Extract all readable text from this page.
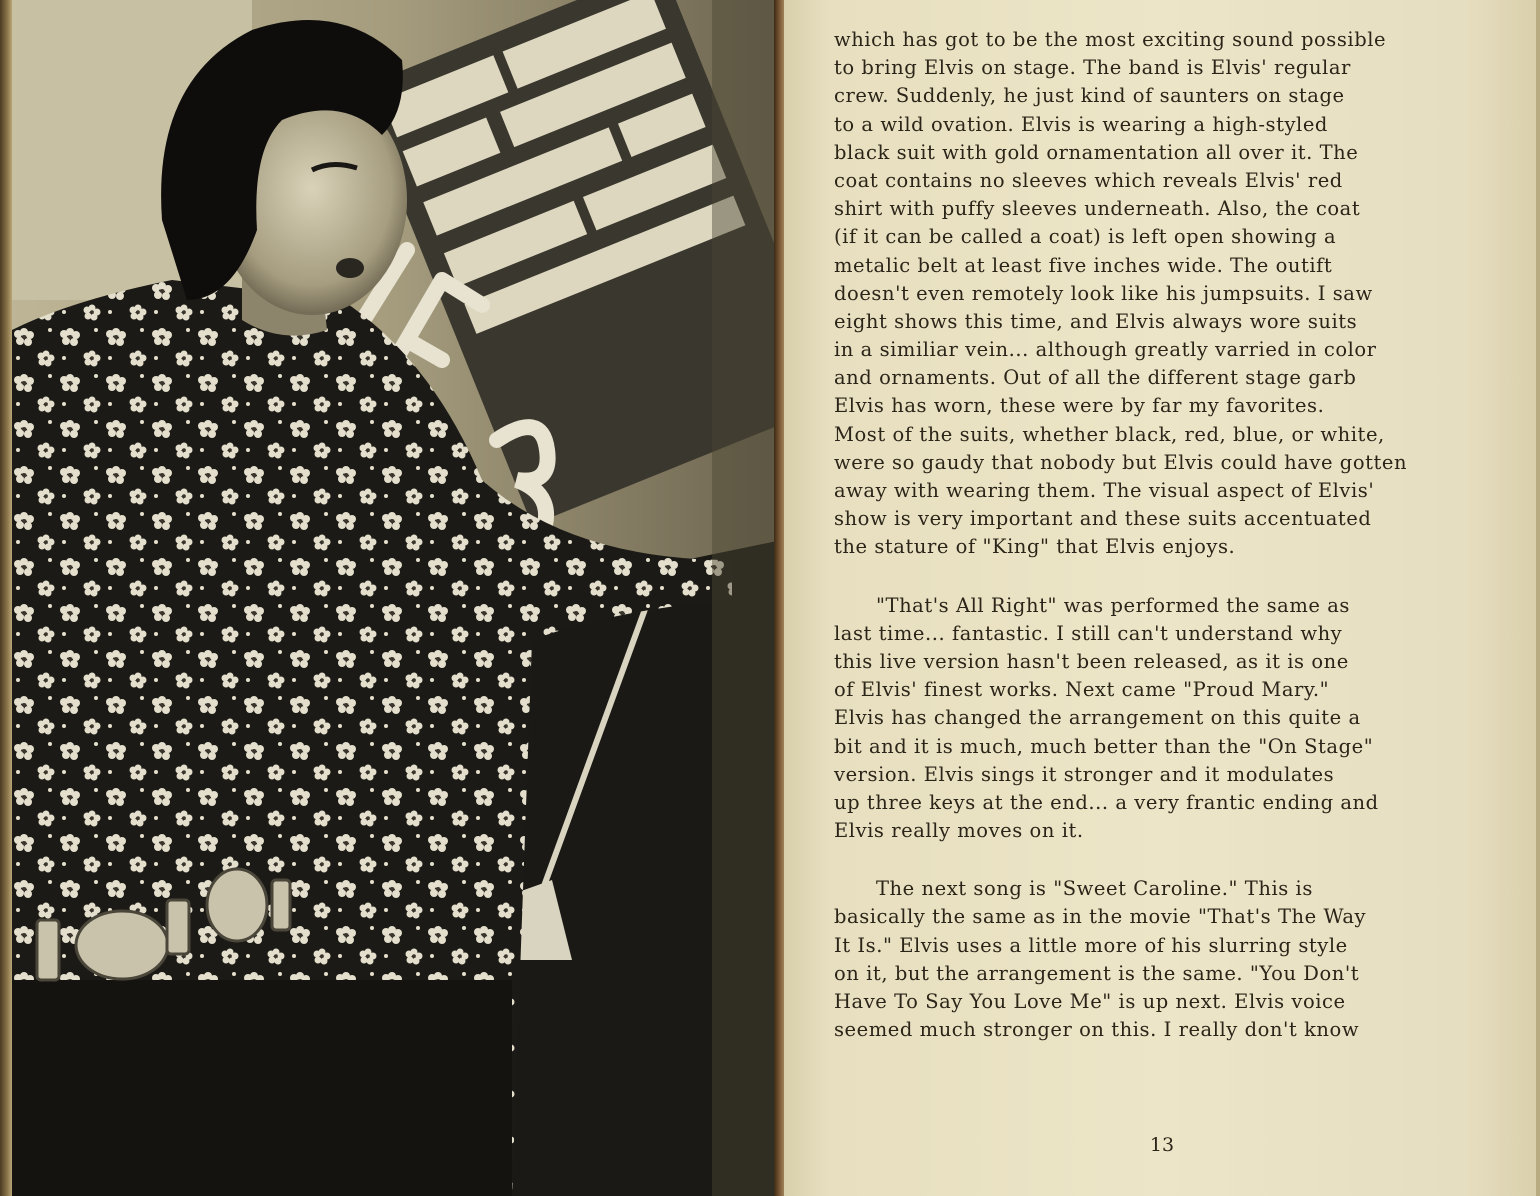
which has got to be the most exciting sound possible
to bring Elvis on stage. The band is Elvis' regular
crew. Suddenly, he just kind of saunters on stage
to a wild ovation. Elvis is wearing a high-styled
black suit with gold ornamentation all over it. The
coat contains no sleeves which reveals Elvis' red
shirt with puffy sleeves underneath. Also, the coat
(if it can be called a coat) is left open showing a
metalic belt at least five inches wide. The outift
doesn't even remotely look like his jumpsuits. I saw
eight shows this time, and Elvis always wore suits
in a similiar vein... although greatly varried in color
and ornaments. Out of all the different stage garb
Elvis has worn, these were by far my favorites.
Most of the suits, whether black, red, blue, or white,
were so gaudy that nobody but Elvis could have gotten
away with wearing them. The visual aspect of Elvis'
show is very important and these suits accentuated
the stature of "King" that Elvis enjoys.
"That's All Right" was performed the same as
last time... fantastic. I still can't understand why
this live version hasn't been released, as it is one
of Elvis' finest works. Next came "Proud Mary."
Elvis has changed the arrangement on this quite a
bit and it is much, much better than the "On Stage"
version. Elvis sings it stronger and it modulates
up three keys at the end... a very frantic ending and
Elvis really moves on it.
The next song is "Sweet Caroline." This is
basically the same as in the movie "That's The Way
It Is." Elvis uses a little more of his slurring style
on it, but the arrangement is the same. "You Don't
Have To Say You Love Me" is up next. Elvis voice
seemed much stronger on this. I really don't know
13
